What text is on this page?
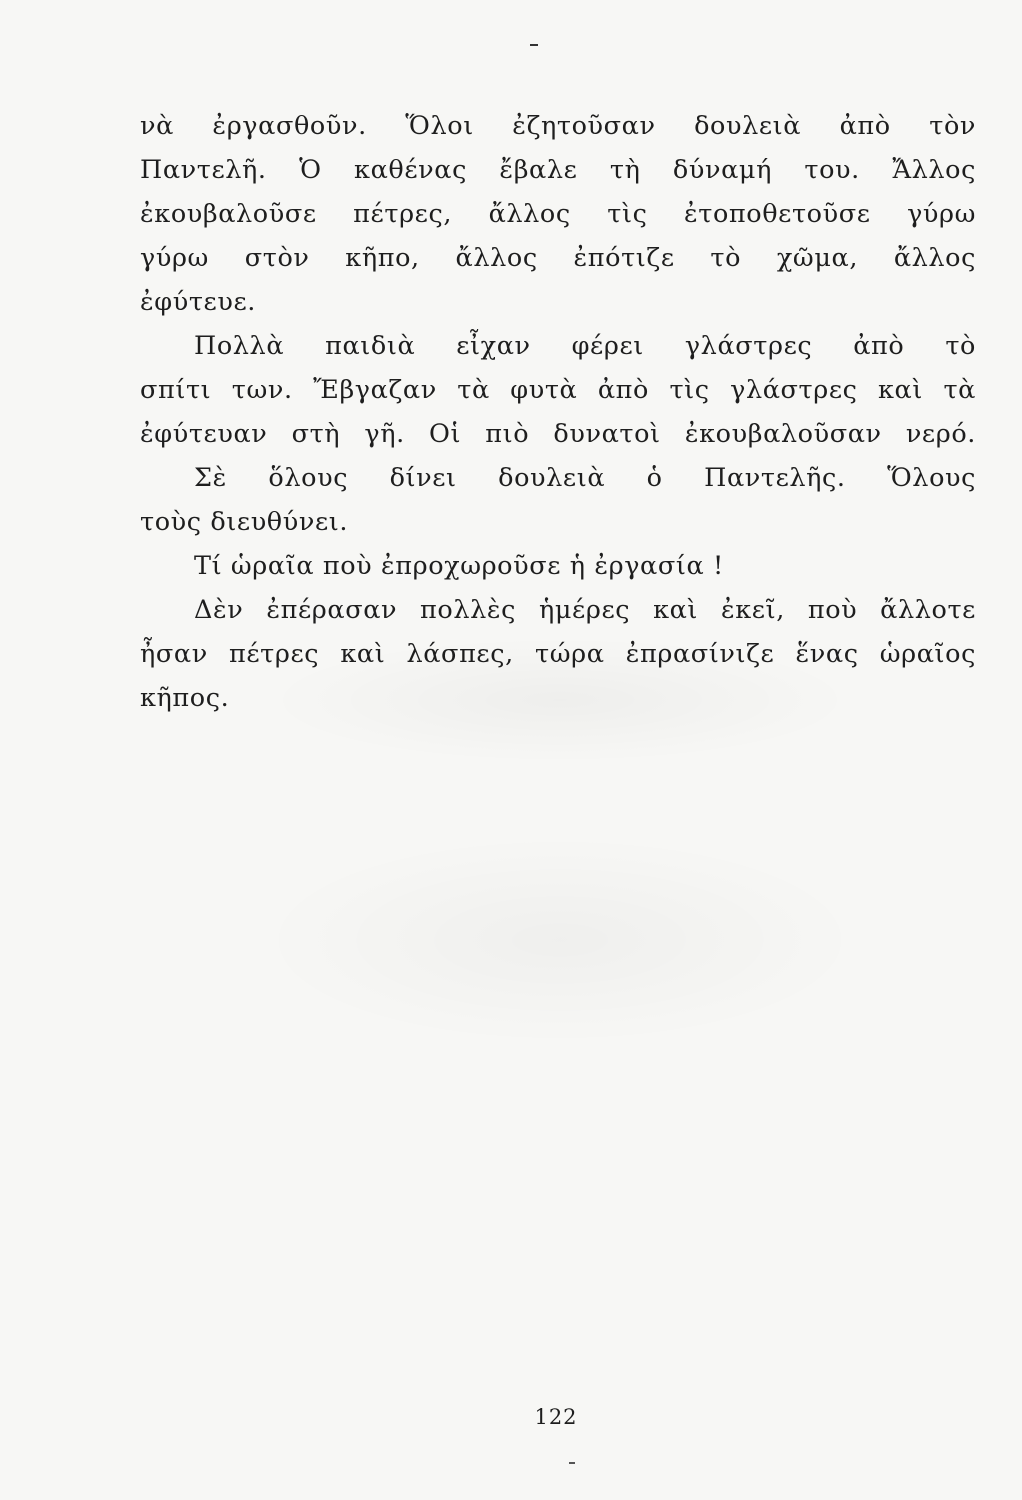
νὰ ἐργασθοῦν. Ὅλοι ἐζητοῦσαν δουλειὰ ἀπὸ τὸν
Παντελῆ. Ὁ καθένας ἔβαλε τὴ δύναμή του. Ἄλλος
ἐκουβαλοῦσε πέτρες, ἄλλος τὶς ἐτοποθετοῦσε γύρω
γύρω στὸν κῆπο, ἄλλος ἐπότιζε τὸ χῶμα, ἄλλος
ἐφύτευε.
Πολλὰ παιδιὰ εἶχαν φέρει γλάστρες ἀπὸ τὸ
σπίτι των. Ἔβγαζαν τὰ φυτὰ ἀπὸ τὶς γλάστρες καὶ τὰ
ἐφύτευαν στὴ γῆ. Οἱ πιὸ δυνατοὶ ἐκουβαλοῦσαν νερό.
Σὲ ὅλους δίνει δουλειὰ ὁ Παντελῆς. Ὅλους
τοὺς διευθύνει.
Τί ὡραῖα ποὺ ἐπροχωροῦσε ἡ ἐργασία !
Δὲν ἐπέρασαν πολλὲς ἡμέρες καὶ ἐκεῖ, ποὺ ἄλλοτε
ἦσαν πέτρες καὶ λάσπες, τώρα ἐπρασίνιζε ἕνας ὡραῖος
κῆπος.
122
